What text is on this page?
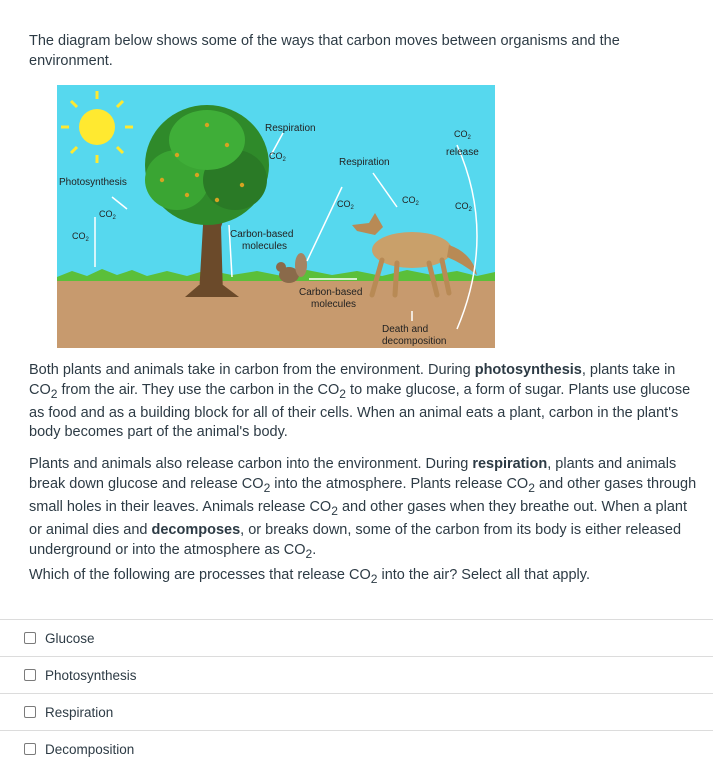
The diagram below shows some of the ways that carbon moves between organisms and the environment.

Photosynthesis
Respiration
Respiration
release
Carbon-based
molecules
Carbon-based
molecules
Death and
decomposition
$CO_2$
$CO_2$
$CO_2$
$CO_2$
$CO_2$
$CO_2$
$CO_2$

Both plants and animals take in carbon from the environment. During photosynthesis, plants take in $CO_2$ from the air. They use the carbon in the $CO_2$ to make glucose, a form of sugar. Plants use glucose as food and as a building block for all of their cells. When an animal eats a plant, carbon in the plant's body becomes part of the animal's body.

Plants and animals also release carbon into the environment. During respiration, plants and animals break down glucose and release $CO_2$ into the atmosphere. Plants release $CO_2$ and other gases through small holes in their leaves. Animals release $CO_2$ and other gases when they breathe out. When a plant or animal dies and decomposes, or breaks down, some of the carbon from its body is either released underground or into the atmosphere as $CO_2$.

Which of the following are processes that release $CO_2$ into the air? Select all that apply.

Glucose
Photosynthesis
Respiration
Decomposition
